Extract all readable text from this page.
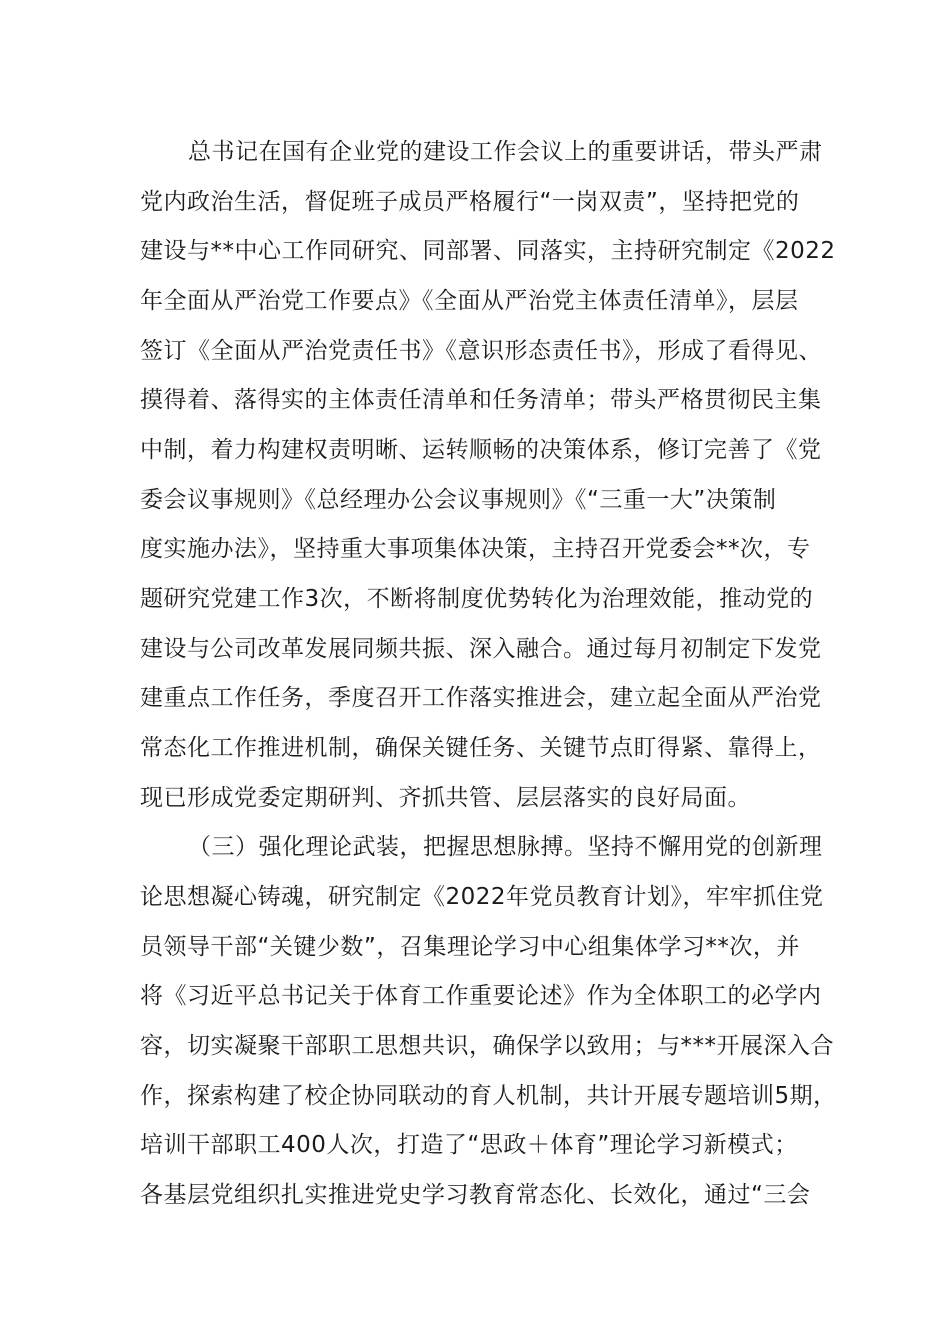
总书记在国有企业党的建设工作会议上的重要讲话，带头严肃
党内政治生活，督促班子成员严格履行“一岗双责”，坚持把党的
建设与**中心工作同研究、同部署、同落实，主持研究制定《2022
年全面从严治党工作要点》《全面从严治党主体责任清单》，层层
签订《全面从严治党责任书》《意识形态责任书》，形成了看得见、
摸得着、落得实的主体责任清单和任务清单；带头严格贯彻民主集
中制，着力构建权责明晰、运转顺畅的决策体系，修订完善了《党
委会议事规则》《总经理办公会议事规则》《“三重一大”决策制
度实施办法》，坚持重大事项集体决策，主持召开党委会**次，专
题研究党建工作3次，不断将制度优势转化为治理效能，推动党的
建设与公司改革发展同频共振、深入融合。通过每月初制定下发党
建重点工作任务，季度召开工作落实推进会，建立起全面从严治党
常态化工作推进机制，确保关键任务、关键节点盯得紧、靠得上，
现已形成党委定期研判、齐抓共管、层层落实的良好局面。
（三）强化理论武装，把握思想脉搏。坚持不懈用党的创新理
论思想凝心铸魂，研究制定《2022年党员教育计划》，牢牢抓住党
员领导干部“关键少数”，召集理论学习中心组集体学习**次，并
将《习近平总书记关于体育工作重要论述》作为全体职工的必学内
容，切实凝聚干部职工思想共识，确保学以致用；与***开展深入合
作，探索构建了校企协同联动的育人机制，共计开展专题培训5期，
培训干部职工400人次，打造了“思政＋体育”理论学习新模式；
各基层党组织扎实推进党史学习教育常态化、长效化，通过“三会
